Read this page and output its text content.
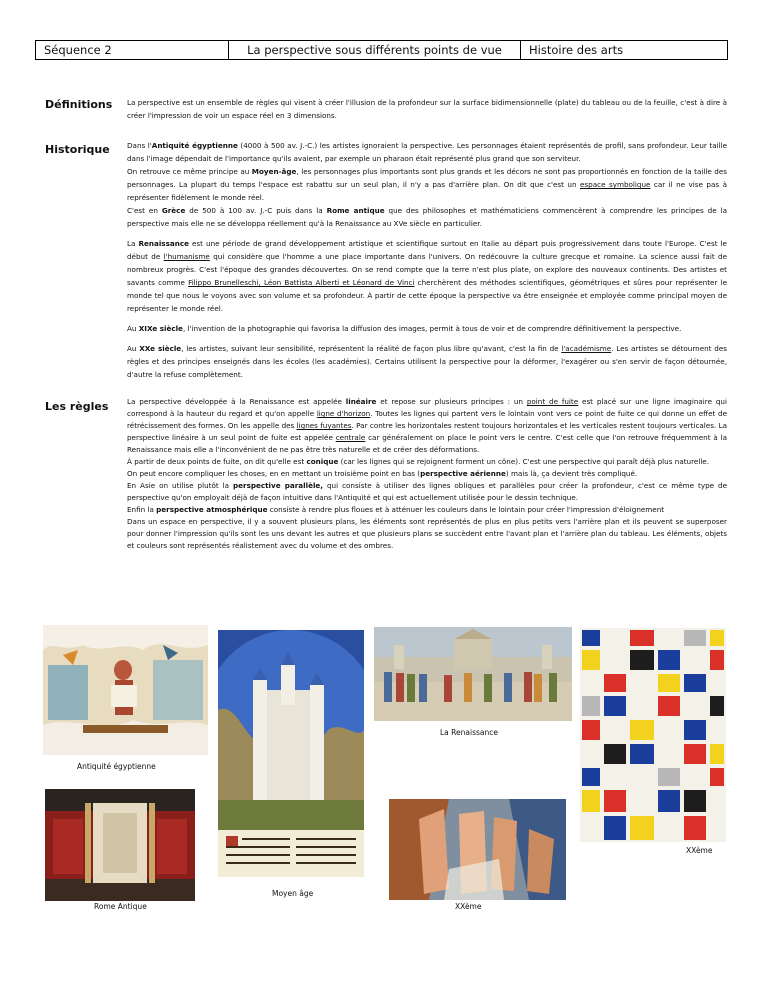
Séquence 2	La perspective sous différents points de vue	Histoire des arts
Définitions La perspective est un ensemble de règles qui visent à créer l'illusion de la profondeur sur la surface bidimensionnelle (plate) du tableau ou de la feuille, c'est à dire à créer l'impression de voir un espace réel en 3 dimensions.

Historique Dans l'Antiquité égyptienne (4000 à 500 av. J.-C.) les artistes ignoraient la perspective. Les personnages étaient représentés de profil, sans profondeur. Leur taille dans l'image dépendait de l'importance qu'ils avaient, par exemple un pharaon était représenté plus grand que son serviteur.

On retrouve ce même principe au Moyen-âge, les personnages plus importants sont plus grands et les décors ne sont pas proportionnés en fonction de la taille des personnages. La plupart du temps l'espace est rabattu sur un seul plan, il n'y a pas d'arrière plan. On dit que c'est un espace symbolique car il ne vise pas à représenter fidèlement le monde réel.

C'est en Grèce de 500 à 100 av. J.-C puis dans la Rome antique que des philosophes et mathématiciens commencèrent à comprendre les principes de la perspective mais elle ne se développa réellement qu'à la Renaissance au XVe siècle en particulier.

La Renaissance est une période de grand développement artistique et scientifique surtout en Italie au départ puis progressivement dans toute l'Europe. C'est le début de l'humanisme qui considère que l'homme a une place importante dans l'univers. On redécouvre la culture grecque et romaine. La science aussi fait de nombreux progrès. C'est l'époque des grandes découvertes. On se rend compte que la terre n'est plus plate, on explore des nouveaux continents. Des artistes et savants comme Filippo Brunelleschi, Léon Battista Alberti et Léonard de Vinci cherchèrent des méthodes scientifiques, géométriques et sûres pour représenter le monde tel que nous le voyons avec son volume et sa profondeur. À partir de cette époque la perspective va être enseignée et employée comme principal moyen de représenter le monde réel.

Au XIXe siècle, l'invention de la photographie qui favorisa la diffusion des images, permit à tous de voir et de comprendre définitivement la perspective.

Au XXe siècle, les artistes, suivant leur sensibilité, représentent la réalité de façon plus libre qu'avant, c'est la fin de l'académisme. Les artistes se détournent des règles et des principes enseignés dans les écoles (les académies). Certains utilisent la perspective pour la déformer, l'exagérer ou s'en servir de façon détournée, d'autre la refuse complètement.

Les règles	La perspective développée à la Renaissance est appelée linéaire et repose sur plusieurs principes : un point de fuite est placé sur une ligne imaginaire qui correspond à la hauteur du regard et qu'on appelle ligne d'horizon. Toutes les lignes qui partent vers le lointain vont vers ce point de fuite ce qui donne un effet de rétrécissement des formes. On les appelle des lignes fuyantes. Par contre les horizontales restent toujours horizontales et les verticales restent toujours verticales. La perspective linéaire à un seul point de fuite est appelée centrale car généralement on place le point vers le centre. C'est celle que l'on retrouve fréquemment à la Renaissance mais elle a l'inconvénient de ne pas être très naturelle et de créer des déformations.

À partir de deux points de fuite, on dit qu'elle est conique (car les lignes qui se rejoignent forment un cône). C'est une perspective qui paraît déjà plus naturelle.

On peut encore compliquer les choses, en en mettant un troisième point en bas (perspective aérienne) mais là, ça devient très compliqué.

En Asie on utilise plutôt la perspective parallèle, qui consiste à utiliser des lignes obliques et parallèles pour créer la profondeur, c'est ce même type de perspective qu'on employait déjà de façon intuitive dans l'Antiquité et qui est actuellement utilisée pour le dessin technique.

Enfin la perspective atmosphérique consiste à rendre plus floues et à atténuer les couleurs dans le lointain pour créer l'impression d'éloignement

Dans un espace en perspective, il y a souvent plusieurs plans, les éléments sont représentés de plus en plus petits vers l'arrière plan et ils peuvent se superposer pour donner l'impression qu'ils sont les uns devant les autres et que plusieurs plans se succèdent entre l'avant plan et l'arrière plan du tableau. Les éléments, objets et couleurs sont représentés réalistement avec du volume et des ombres.

Antiquité égyptienne
Moyen âge
La Renaissance
Rome Antique	XXème
XXème
